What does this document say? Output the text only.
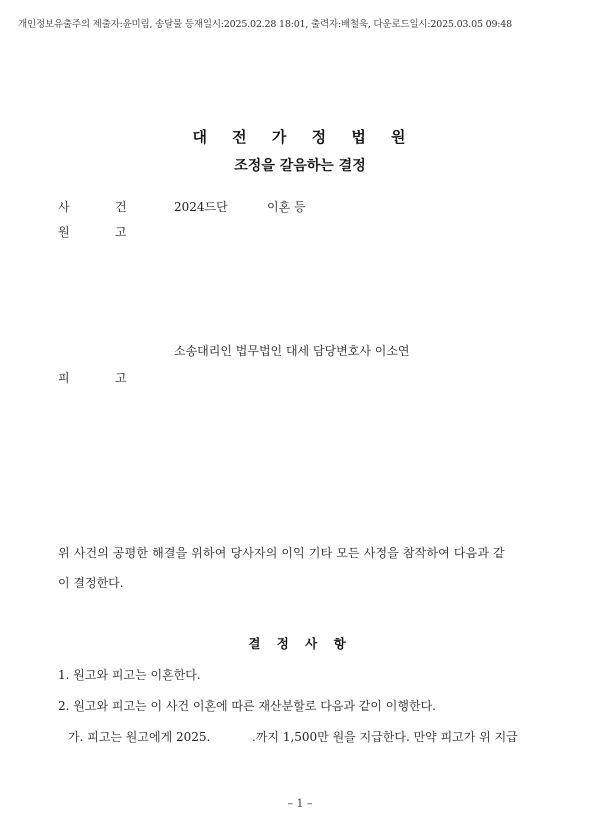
개인정보유출주의 제출자:윤미림, 송달물 등재일시:2025.02.28 18:01, 출력자:배철욱, 다운로드일시:2025.03.05 09:48
대 전 가 정 법 원
조정을 갈음하는 결정
사	건	2024드단	이혼 등
원	고
소송대리인 법무법인 대세 담당변호사 이소연
피	고
위 사건의 공평한 해결을 위하여 당사자의 이익 기타 모든 사정을 참작하여 다음과 같
이 결정한다.
결 정 사 항
1. 원고와 피고는 이혼한다.
2. 원고와 피고는 이 사건 이혼에 따른 재산분할로 다음과 같이 이행한다.
가. 피고는 원고에게 2025.	.까지 1,500만 원을 지급한다. 만약 피고가 위 지급
– 1 –
